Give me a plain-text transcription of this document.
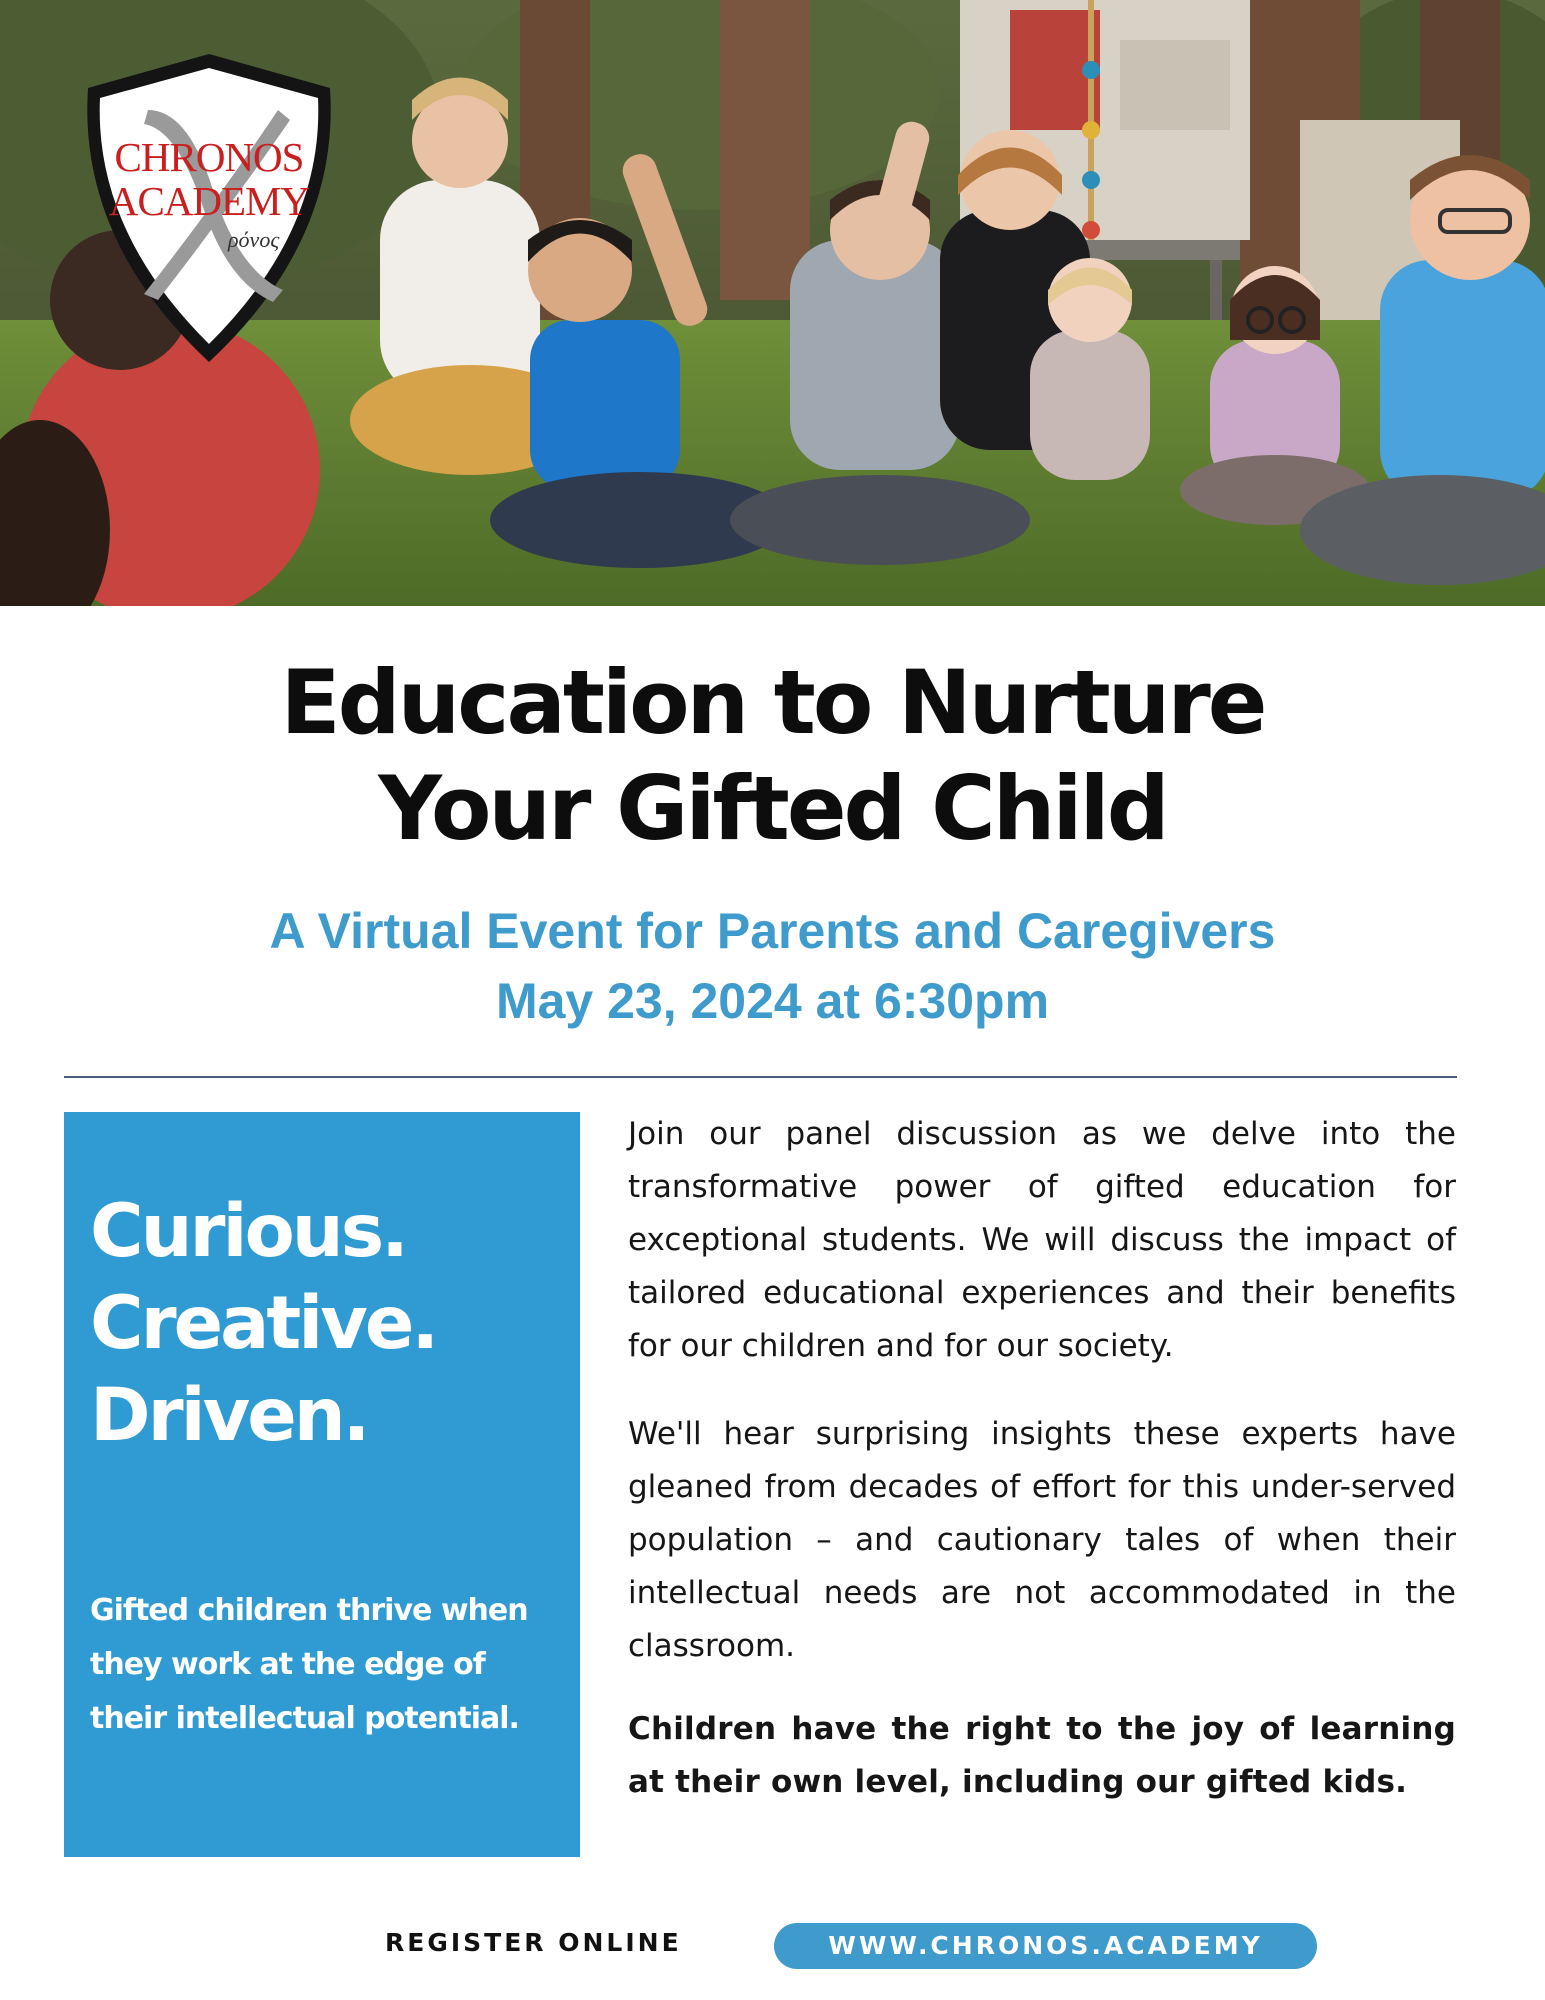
CHRONOS
ACADEMY
ρόνος
Education to Nurture
Your Gifted Child
A Virtual Event for Parents and Caregivers
May 23, 2024 at 6:30pm
Curious.
Creative.
Driven.
Gifted children thrive when they work at the edge of their intellectual potential.

Join our panel discussion as we delve into the transformative power of gifted education for exceptional students. We will discuss the impact of tailored educational experiences and their benefits for our children and for our society.

We'll hear surprising insights these experts have gleaned from decades of effort for this under-served population – and cautionary tales of when their intellectual needs are not accommodated in the classroom.

Children have the right to the joy of learning at their own level, including our gifted kids.

REGISTER ONLINE	WWW.CHRONOS.ACADEMY
